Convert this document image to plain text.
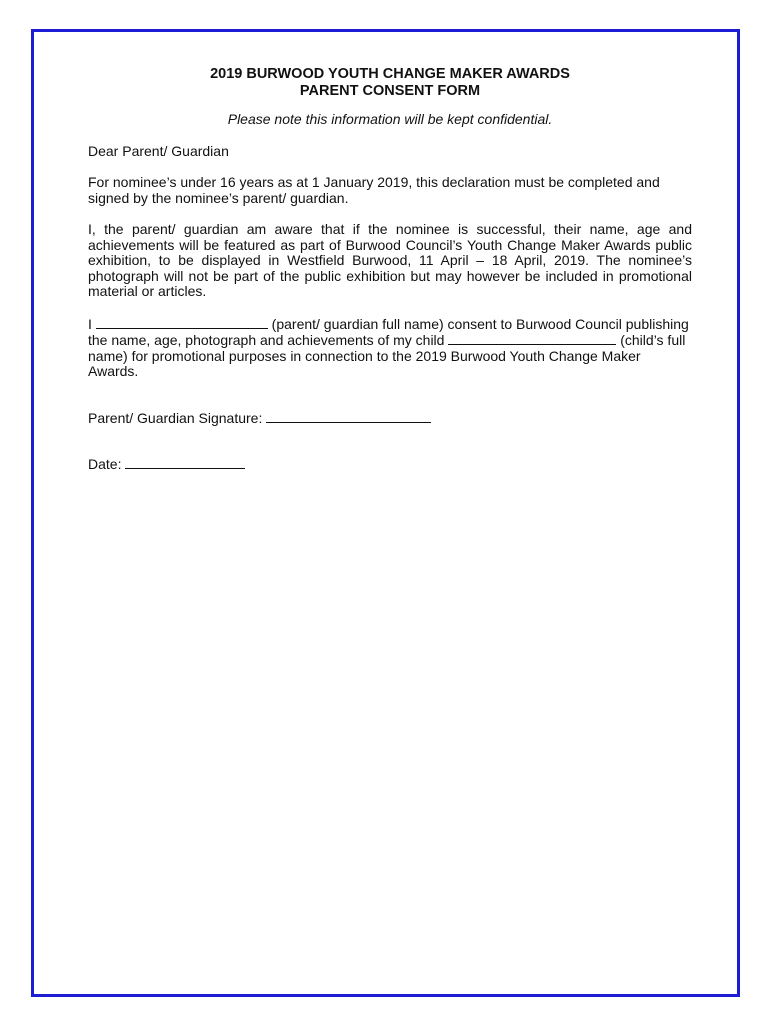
2019 BURWOOD YOUTH CHANGE MAKER AWARDS
PARENT CONSENT FORM

Please note this information will be kept confidential.

Dear Parent/ Guardian

For nominee’s under 16 years as at 1 January 2019, this declaration must be completed and signed by the nominee’s parent/ guardian.

I, the parent/ guardian am aware that if the nominee is successful, their name, age and achievements will be featured as part of Burwood Council’s Youth Change Maker Awards public exhibition, to be displayed in Westfield Burwood, 11 April – 18 April, 2019. The nominee’s photograph will not be part of the public exhibition but may however be included in promotional material or articles.

I	(parent/ guardian full name) consent to Burwood Council publishing the name, age, photograph and achievements of my child	(child’s full name) for promotional purposes in connection to the 2019 Burwood Youth Change Maker Awards.

Parent/ Guardian Signature:

Date:
